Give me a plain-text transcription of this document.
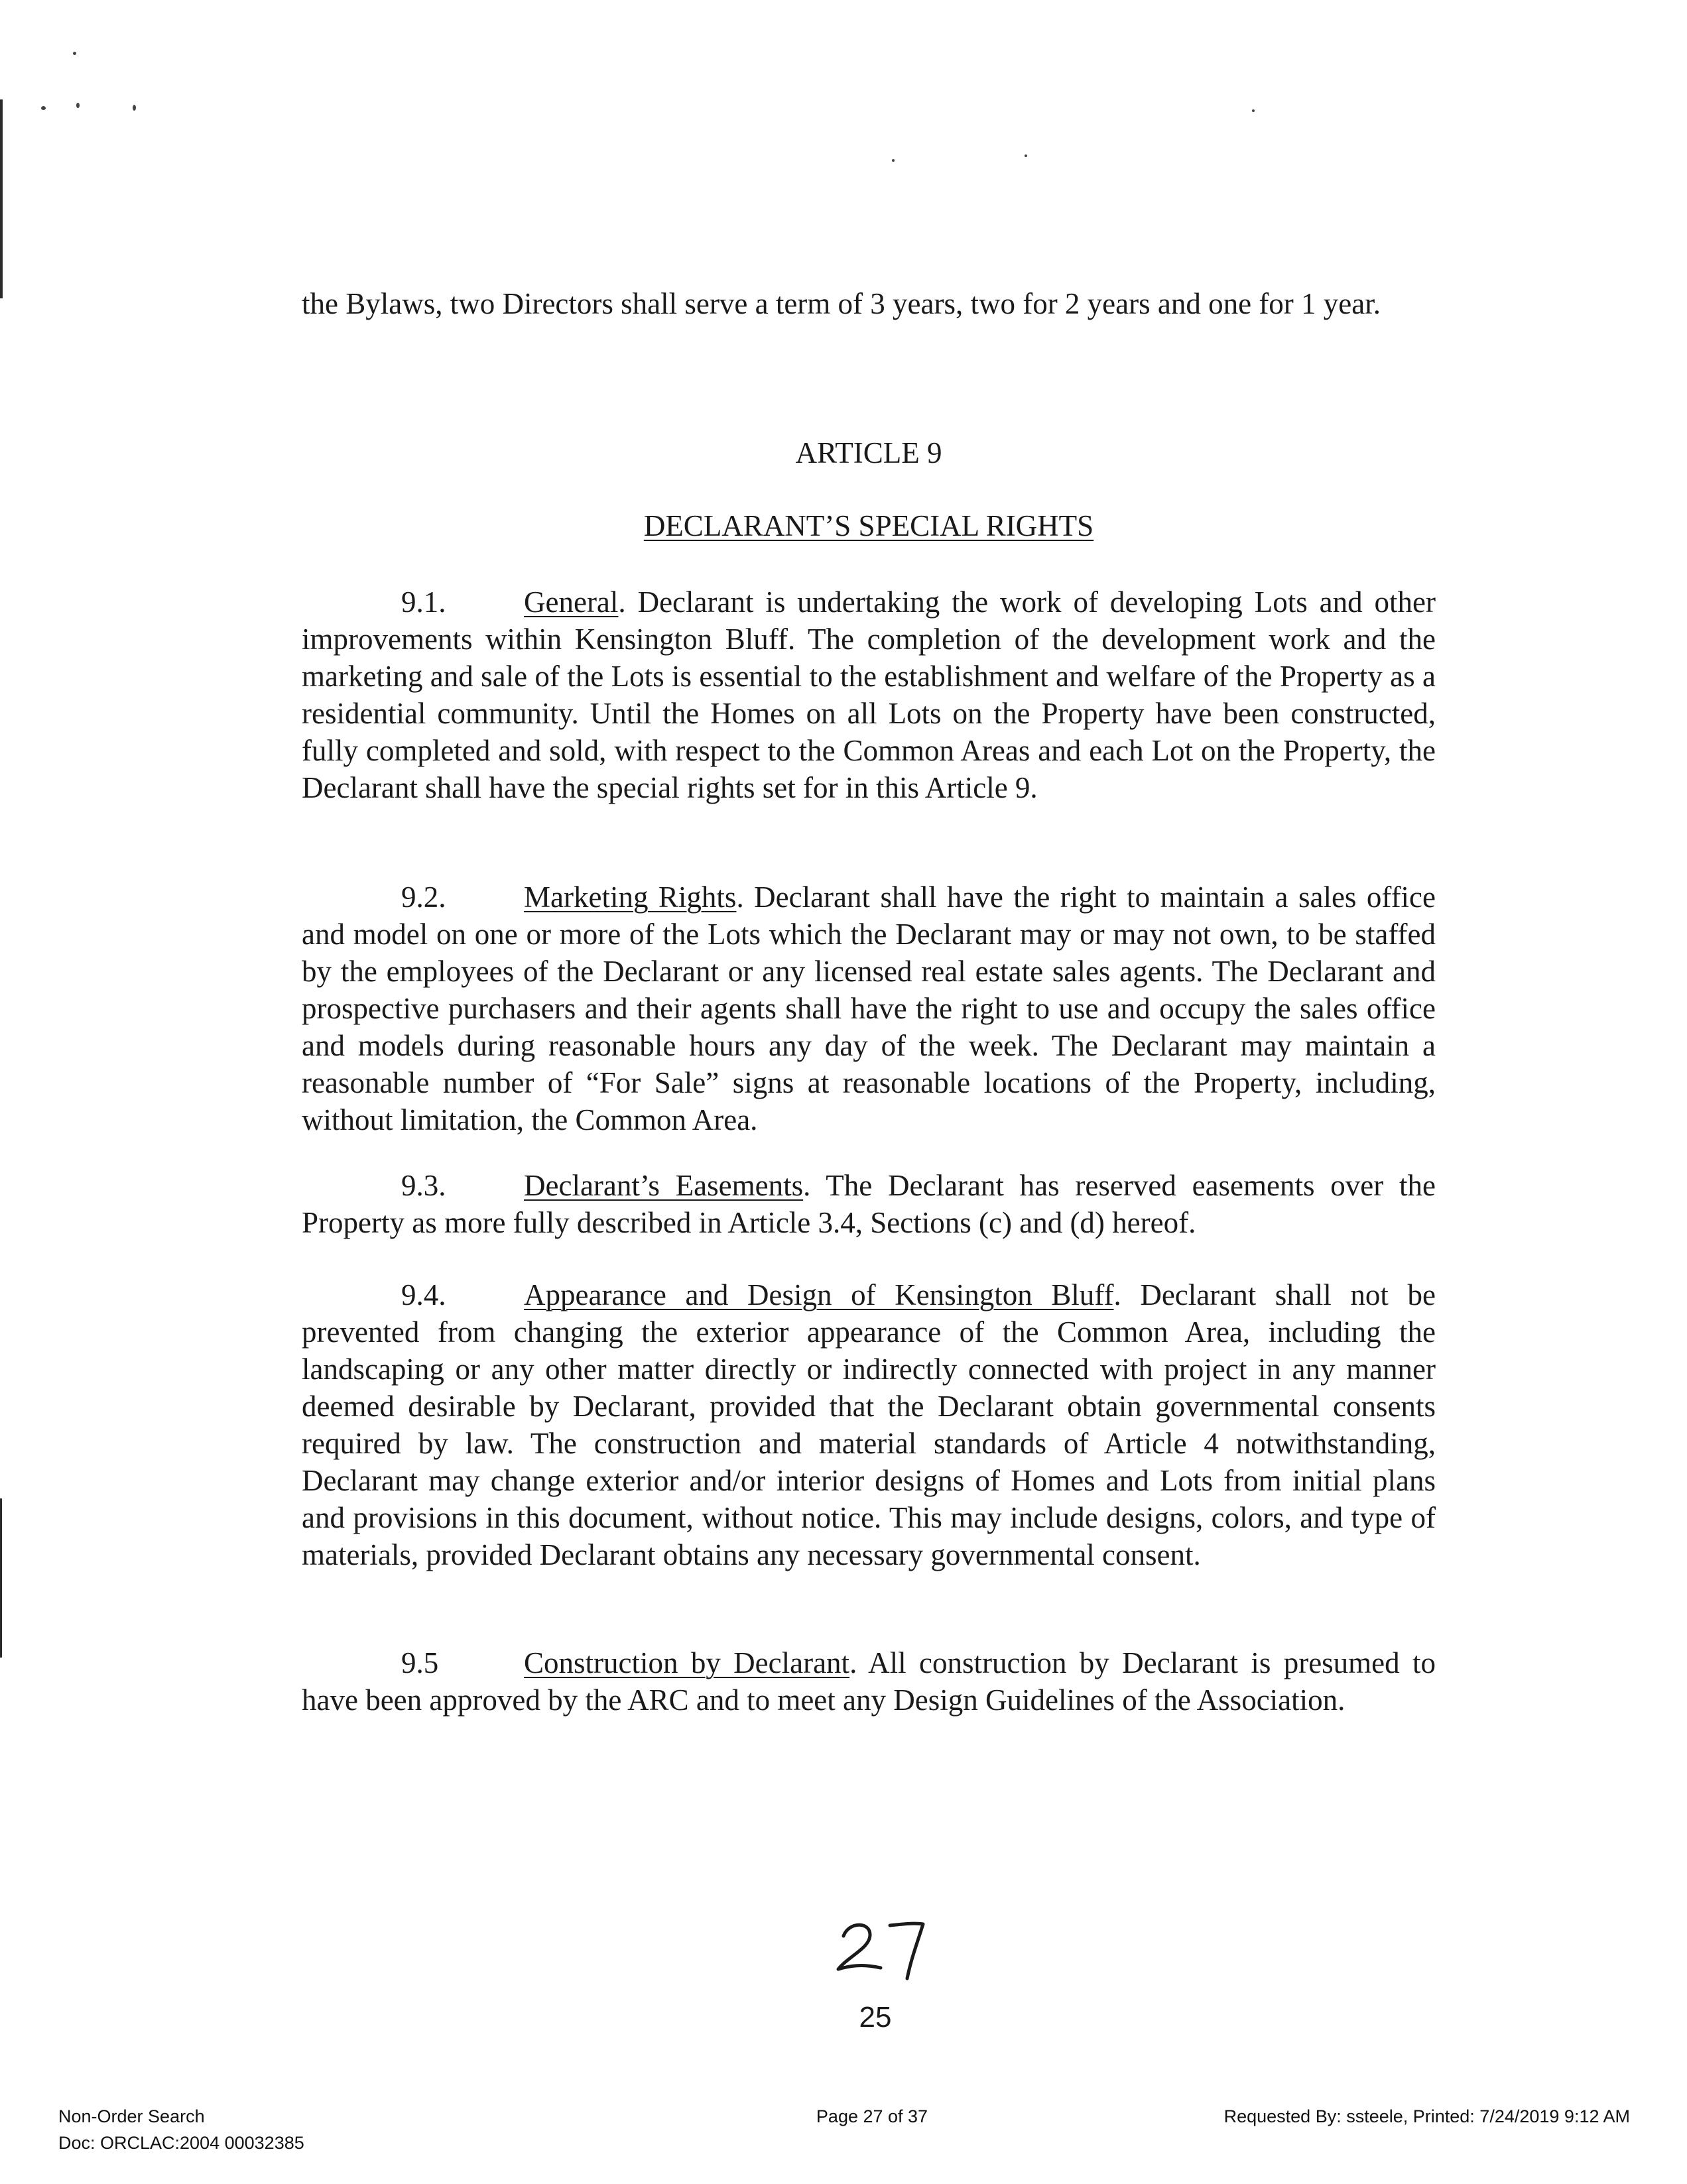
the Bylaws, two Directors shall serve a term of 3 years, two for 2 years and one for 1 year.

ARTICLE 9
DECLARANT’S SPECIAL RIGHTS

9.1.	General. Declarant is undertaking the work of developing Lots and other improvements within Kensington Bluff. The completion of the development work and the marketing and sale of the Lots is essential to the establishment and welfare of the Property as a residential community. Until the Homes on all Lots on the Property have been constructed, fully completed and sold, with respect to the Common Areas and each Lot on the Property, the Declarant shall have the special rights set for in this Article 9.

9.2.	Marketing Rights. Declarant shall have the right to maintain a sales office and model on one or more of the Lots which the Declarant may or may not own, to be staffed by the employees of the Declarant or any licensed real estate sales agents. The Declarant and prospective purchasers and their agents shall have the right to use and occupy the sales office and models during reasonable hours any day of the week. The Declarant may maintain a reasonable number of “For Sale” signs at reasonable locations of the Property, including, without limitation, the Common Area.

9.3.	Declarant’s Easements. The Declarant has reserved easements over the Property as more fully described in Article 3.4, Sections (c) and (d) hereof.

9.4.	Appearance and Design of Kensington Bluff. Declarant shall not be prevented from changing the exterior appearance of the Common Area, including the landscaping or any other matter directly or indirectly connected with project in any manner deemed desirable by Declarant, provided that the Declarant obtain governmental consents required by law. The construction and material standards of Article 4 notwithstanding, Declarant may change exterior and/or interior designs of Homes and Lots from initial plans and provisions in this document, without notice. This may include designs, colors, and type of materials, provided Declarant obtains any necessary governmental consent.

9.5	Construction by Declarant. All construction by Declarant is presumed to have been approved by the ARC and to meet any Design Guidelines of the Association.

25
Non-Order Search
Doc: ORCLAC:2004 00032385
Page 27 of 37	Requested By: ssteele, Printed: 7/24/2019 9:12 AM
